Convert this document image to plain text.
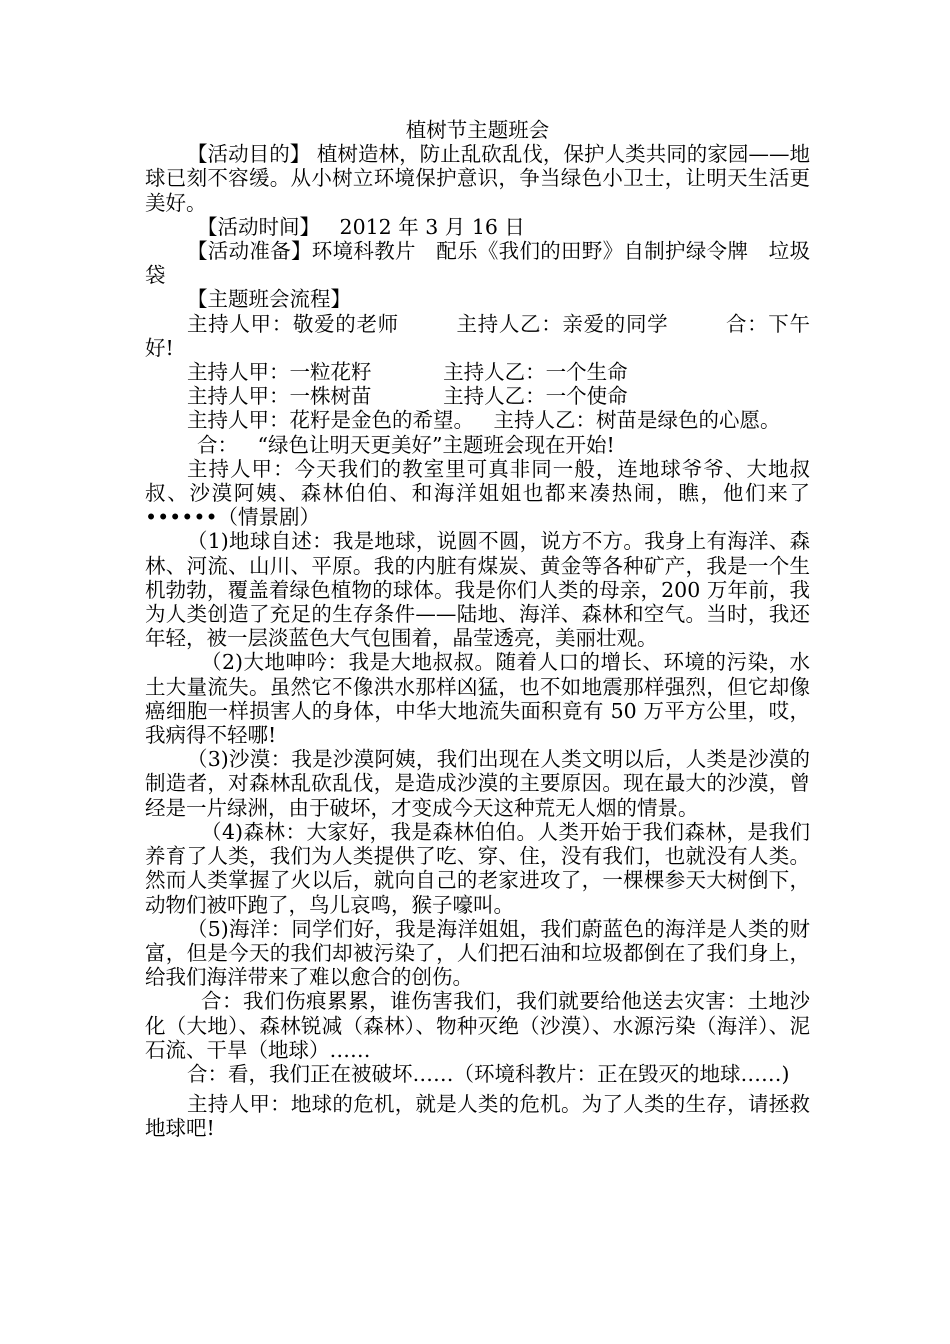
植树节主题班会

【活动目的】 植树造林，防止乱砍乱伐，保护人类共同的家园——地球已刻不容缓。从小树立环境保护意识，争当绿色小卫士，让明天生活更美好。

【活动时间】   2012 年 3 月 16 日

【活动准备】环境科教片   配乐《我们的田野》自制护绿令牌   垃圾袋

【主题班会流程】

主持人甲：敬爱的老师        主持人乙：亲爱的同学        合：下午好!

主持人甲：一粒花籽           主持人乙：一个生命

主持人甲：一株树苗           主持人乙：一个使命

主持人甲：花籽是金色的希望。   主持人乙：树苗是绿色的心愿。

合：   “绿色让明天更美好”主题班会现在开始!

主持人甲：今天我们的教室里可真非同一般，连地球爷爷、大地叔叔、沙漠阿姨、森林伯伯、和海洋姐姐也都来凑热闹，瞧，他们来了••••••（情景剧）

（1)地球自述：我是地球，说圆不圆，说方不方。我身上有海洋、森林、河流、山川、平原。我的内脏有煤炭、黄金等各种矿产，我是一个生机勃勃，覆盖着绿色植物的球体。我是你们人类的母亲，200 万年前，我为人类创造了充足的生存条件——陆地、海洋、森林和空气。当时，我还年轻，被一层淡蓝色大气包围着，晶莹透亮，美丽壮观。

（2)大地呻吟：我是大地叔叔。随着人口的增长、环境的污染，水土大量流失。虽然它不像洪水那样凶猛，也不如地震那样强烈，但它却像癌细胞一样损害人的身体，中华大地流失面积竟有 50 万平方公里，哎，我病得不轻哪!

（3)沙漠：我是沙漠阿姨，我们出现在人类文明以后，人类是沙漠的制造者，对森林乱砍乱伐，是造成沙漠的主要原因。现在最大的沙漠，曾经是一片绿洲，由于破坏，才变成今天这种荒无人烟的情景。

（4)森林：大家好，我是森林伯伯。人类开始于我们森林，是我们养育了人类，我们为人类提供了吃、穿、住，没有我们，也就没有人类。然而人类掌握了火以后，就向自己的老家进攻了，一棵棵参天大树倒下，动物们被吓跑了，鸟儿哀鸣，猴子嚎叫。

（5)海洋：同学们好，我是海洋姐姐，我们蔚蓝色的海洋是人类的财富，但是今天的我们却被污染了，人们把石油和垃圾都倒在了我们身上，给我们海洋带来了难以愈合的创伤。

合：我们伤痕累累，谁伤害我们，我们就要给他送去灾害：土地沙化（大地）、森林锐减（森林）、物种灭绝（沙漠）、水源污染（海洋）、泥石流、干旱（地球）……

合：看，我们正在被破坏……（环境科教片：正在毁灭的地球……)

主持人甲：地球的危机，就是人类的危机。为了人类的生存，请拯救地球吧!
